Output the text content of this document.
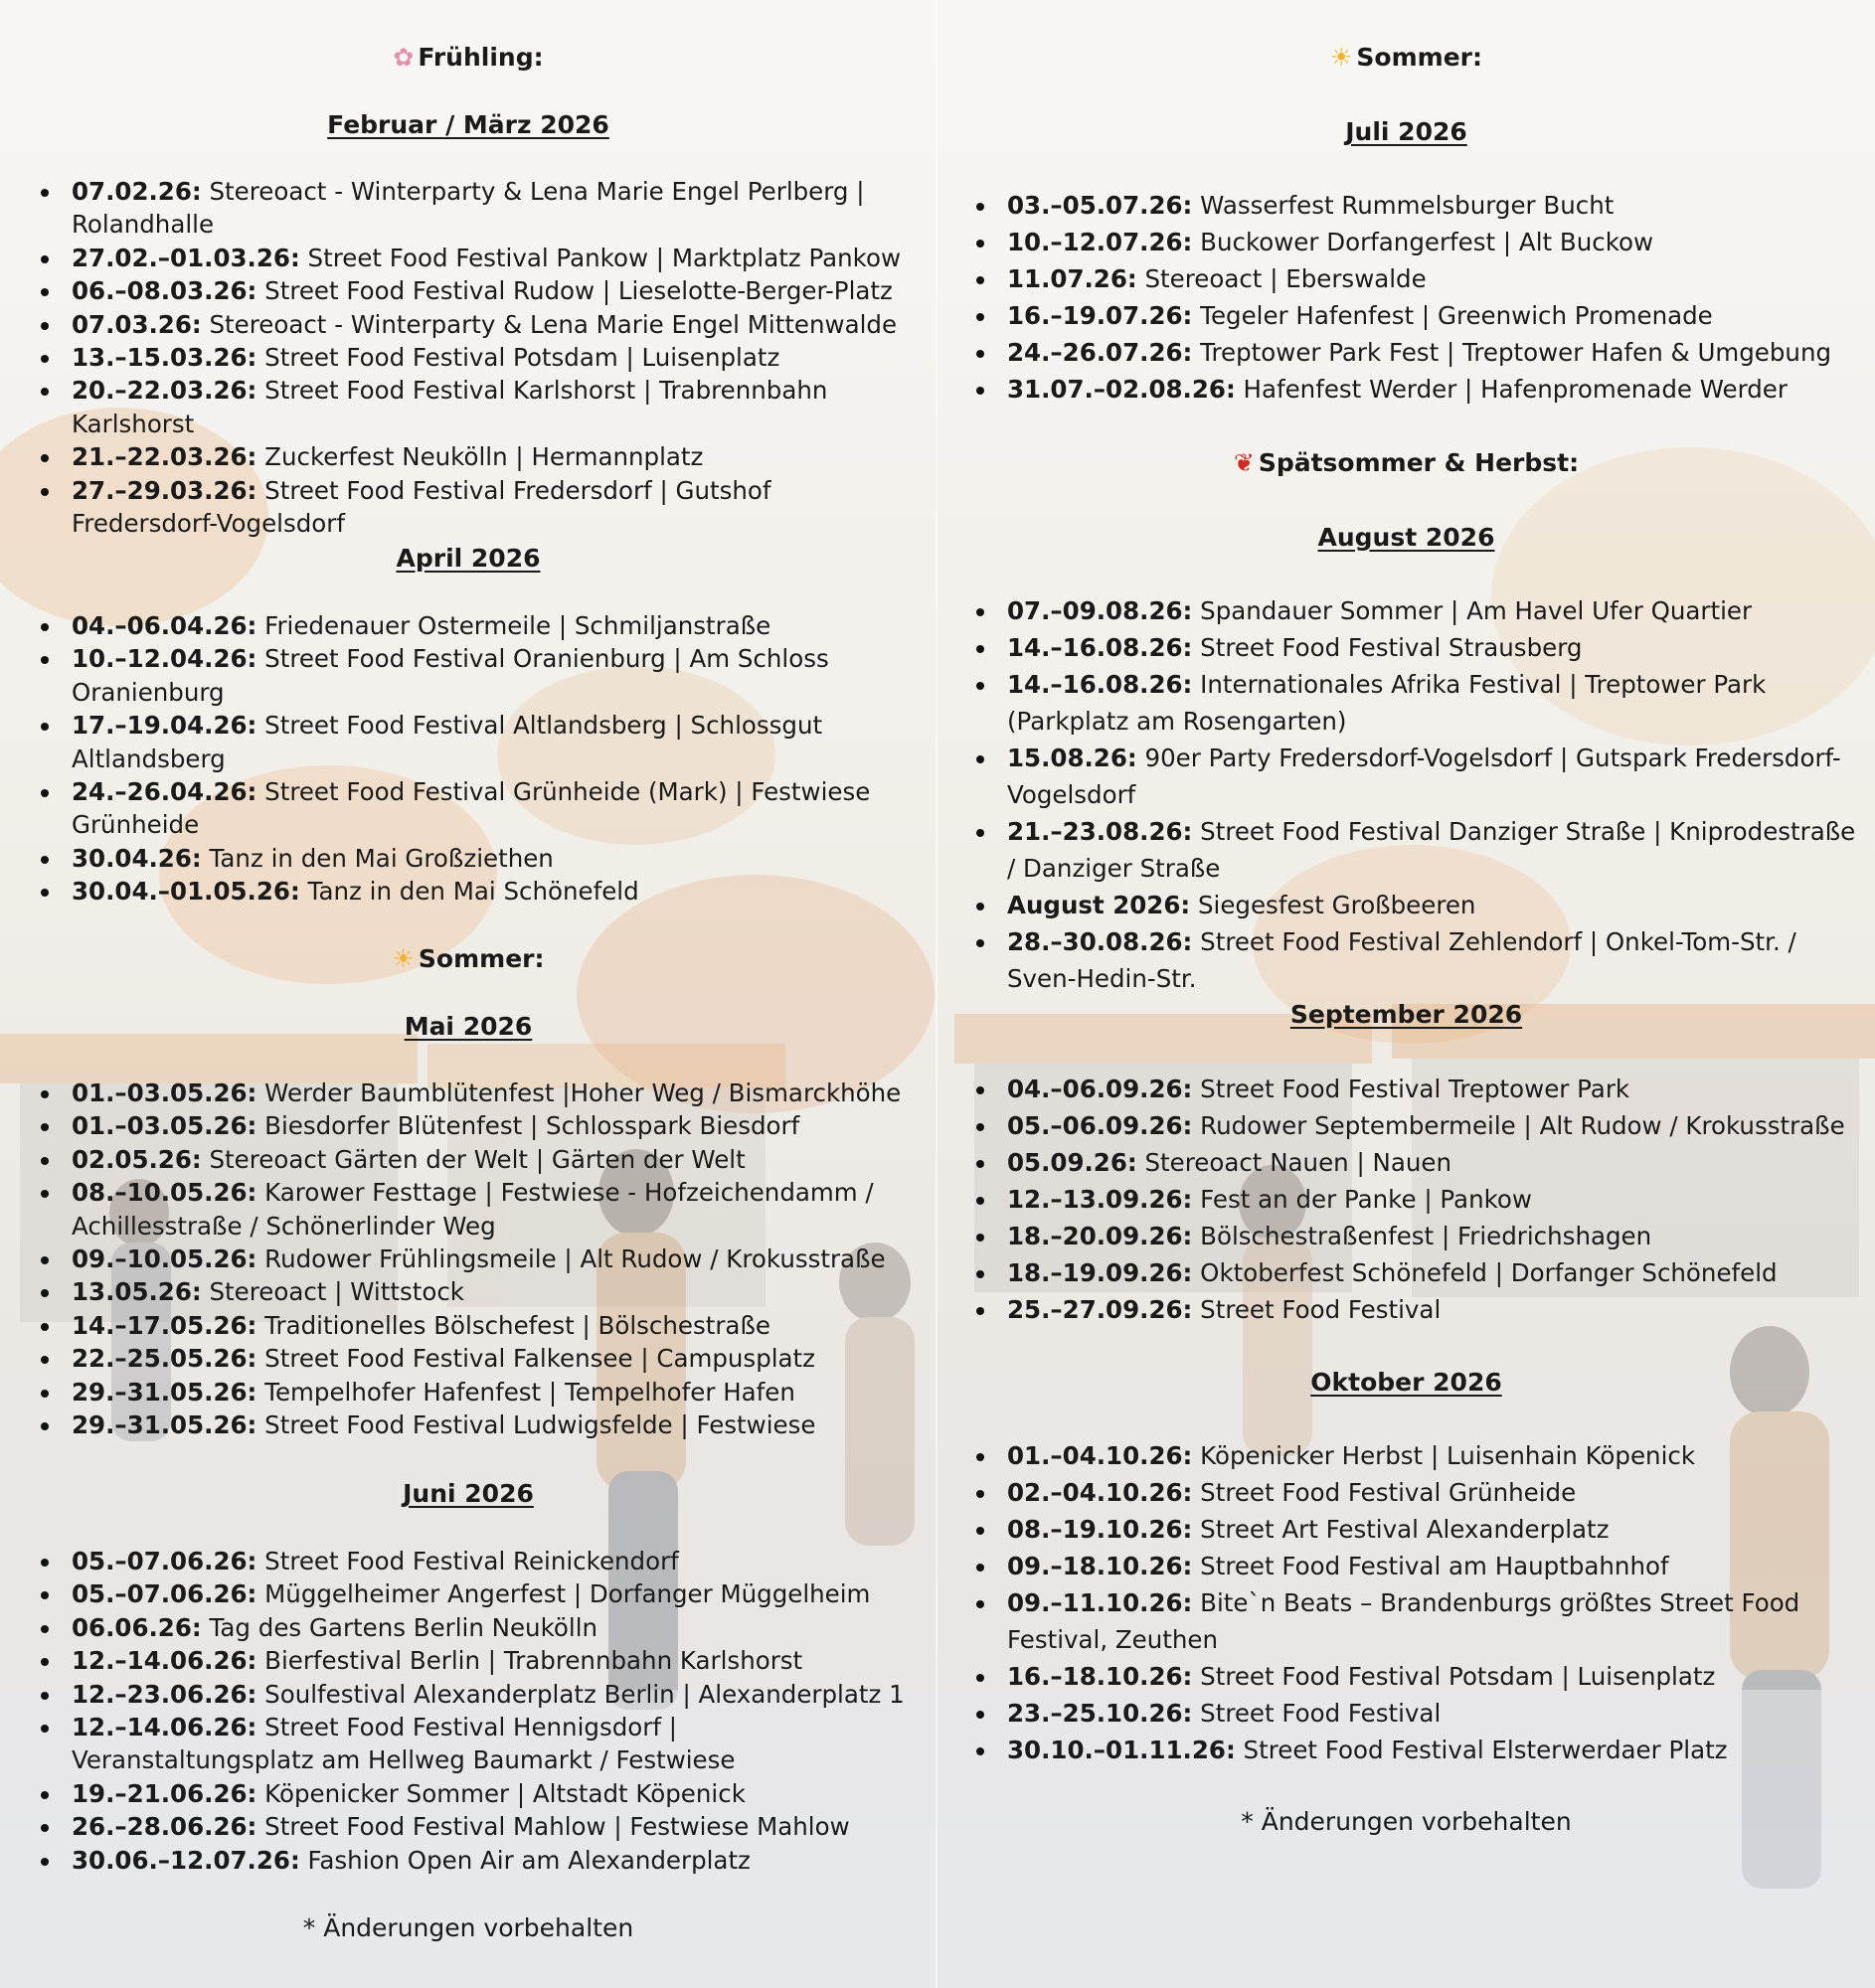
✿ Frühling:
Februar / März 2026
07.02.26: Stereoact - Winterparty & Lena Marie Engel Perlberg | Rolandhalle
27.02.–01.03.26: Street Food Festival Pankow | Marktplatz Pankow
06.–08.03.26: Street Food Festival Rudow | Lieselotte-Berger-Platz
07.03.26: Stereoact - Winterparty & Lena Marie Engel Mittenwalde
13.–15.03.26: Street Food Festival Potsdam | Luisenplatz
20.–22.03.26: Street Food Festival Karlshorst | Trabrennbahn Karlshorst
21.–22.03.26: Zuckerfest Neukölln | Hermannplatz
27.–29.03.26: Street Food Festival Fredersdorf | Gutshof Fredersdorf-Vogelsdorf
April 2026
04.–06.04.26: Friedenauer Ostermeile | Schmiljanstraße
10.–12.04.26: Street Food Festival Oranienburg | Am Schloss Oranienburg
17.–19.04.26: Street Food Festival Altlandsberg | Schlossgut Altlandsberg
24.–26.04.26: Street Food Festival Grünheide (Mark) | Festwiese Grünheide
30.04.26: Tanz in den Mai Großziethen
30.04.–01.05.26: Tanz in den Mai Schönefeld
☀ Sommer:
Mai 2026
01.–03.05.26: Werder Baumblütenfest |Hoher Weg / Bismarckhöhe
01.–03.05.26: Biesdorfer Blütenfest | Schlosspark Biesdorf
02.05.26: Stereoact Gärten der Welt | Gärten der Welt
08.–10.05.26: Karower Festtage | Festwiese - Hofzeichendamm / Achillesstraße / Schönerlinder Weg
09.–10.05.26: Rudower Frühlingsmeile | Alt Rudow / Krokusstraße
13.05.26: Stereoact | Wittstock
14.–17.05.26: Traditionelles Bölschefest | Bölschestraße
22.–25.05.26: Street Food Festival Falkensee | Campusplatz
29.–31.05.26: Tempelhofer Hafenfest | Tempelhofer Hafen
29.–31.05.26: Street Food Festival Ludwigsfelde | Festwiese
Juni 2026
05.–07.06.26: Street Food Festival Reinickendorf
05.–07.06.26: Müggelheimer Angerfest | Dorfanger Müggelheim
06.06.26: Tag des Gartens Berlin Neukölln
12.–14.06.26: Bierfestival Berlin | Trabrennbahn Karlshorst
12.–23.06.26: Soulfestival Alexanderplatz Berlin | Alexanderplatz 1
12.–14.06.26: Street Food Festival Hennigsdorf | Veranstaltungsplatz am Hellweg Baumarkt / Festwiese
19.–21.06.26: Köpenicker Sommer | Altstadt Köpenick
26.–28.06.26: Street Food Festival Mahlow | Festwiese Mahlow
30.06.–12.07.26: Fashion Open Air am Alexanderplatz
* Änderungen vorbehalten
☀ Sommer:
Juli 2026
03.–05.07.26: Wasserfest Rummelsburger Bucht
10.–12.07.26: Buckower Dorfangerfest | Alt Buckow
11.07.26: Stereoact | Eberswalde
16.–19.07.26: Tegeler Hafenfest | Greenwich Promenade
24.–26.07.26: Treptower Park Fest | Treptower Hafen & Umgebung
31.07.–02.08.26: Hafenfest Werder | Hafenpromenade Werder
❦ Spätsommer & Herbst:
August 2026
07.–09.08.26: Spandauer Sommer | Am Havel Ufer Quartier
14.–16.08.26: Street Food Festival Strausberg
14.–16.08.26: Internationales Afrika Festival | Treptower Park (Parkplatz am Rosengarten)
15.08.26: 90er Party Fredersdorf-Vogelsdorf | Gutspark Fredersdorf-Vogelsdorf
21.–23.08.26: Street Food Festival Danziger Straße | Kniprodestraße / Danziger Straße
August 2026: Siegesfest Großbeeren
28.–30.08.26: Street Food Festival Zehlendorf | Onkel-Tom-Str. / Sven-Hedin-Str.
September 2026
04.–06.09.26: Street Food Festival Treptower Park
05.–06.09.26: Rudower Septembermeile | Alt Rudow / Krokusstraße
05.09.26: Stereoact Nauen | Nauen
12.–13.09.26: Fest an der Panke | Pankow
18.–20.09.26: Bölschestraßenfest | Friedrichshagen
18.–19.09.26: Oktoberfest Schönefeld | Dorfanger Schönefeld
25.–27.09.26: Street Food Festival
Oktober 2026
01.–04.10.26: Köpenicker Herbst | Luisenhain Köpenick
02.–04.10.26: Street Food Festival Grünheide
08.–19.10.26: Street Art Festival Alexanderplatz
09.–18.10.26: Street Food Festival am Hauptbahnhof
09.–11.10.26: Bite`n Beats – Brandenburgs größtes Street Food Festival, Zeuthen
16.–18.10.26: Street Food Festival Potsdam | Luisenplatz
23.–25.10.26: Street Food Festival
30.10.–01.11.26: Street Food Festival Elsterwerdaer Platz
* Änderungen vorbehalten
